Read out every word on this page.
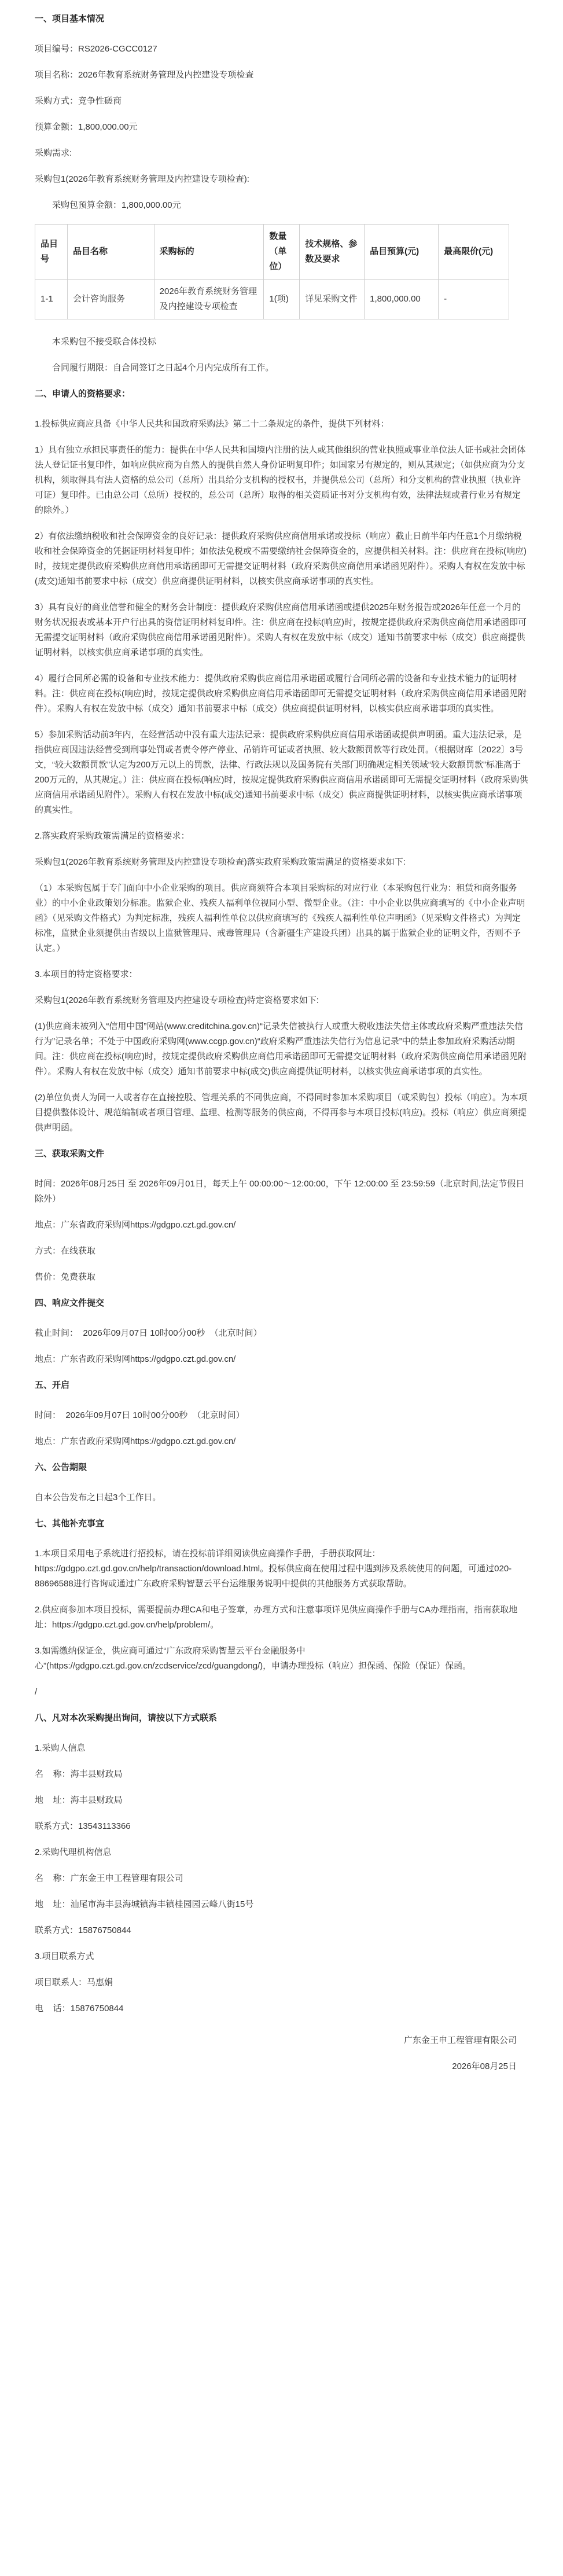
一、项目基本情况
项目编号：RS2026-CGCC0127
项目名称：2026年教育系统财务管理及内控建设专项检查
采购方式：竞争性磋商
预算金额：1,800,000.00元
采购需求:
采购包1(2026年教育系统财务管理及内控建设专项检查):
采购包预算金额：1,800,000.00元
品目号	品目名称	采购标的	数量（单位）	技术规格、参数及要求	品目预算(元)	最高限价(元)
1-1	会计咨询服务	2026年教育系统财务管理及内控建设专项检查	1(项)	详见采购文件	1,800,000.00	-
本采购包不接受联合体投标
合同履行期限：自合同签订之日起4个月内完成所有工作。
二、申请人的资格要求：
1.投标供应商应具备《中华人民共和国政府采购法》第二十二条规定的条件，提供下列材料：
1）具有独立承担民事责任的能力：提供在中华人民共和国境内注册的法人或其他组织的营业执照或事业单位法人证书或社会团体法人登记证书复印件，如响应供应商为自然人的提供自然人身份证明复印件；如国家另有规定的，则从其规定；（如供应商为分支机构，须取得具有法人资格的总公司（总所）出具给分支机构的授权书，并提供总公司（总所）和分支机构的营业执照（执业许可证）复印件。已由总公司（总所）授权的，总公司（总所）取得的相关资质证书对分支机构有效，法律法规或者行业另有规定的除外。）
2）有依法缴纳税收和社会保障资金的良好记录：提供政府采购供应商信用承诺或投标（响应）截止日前半年内任意1个月缴纳税收和社会保障资金的凭据证明材料复印件；如依法免税或不需要缴纳社会保障资金的，应提供相关材料。注：供应商在投标(响应)时，按规定提供政府采购供应商信用承诺函即可无需提交证明材料（政府采购供应商信用承诺函见附件）。采购人有权在发放中标(成交)通知书前要求中标（成交）供应商提供证明材料，以核实供应商承诺事项的真实性。
3）具有良好的商业信誉和健全的财务会计制度：提供政府采购供应商信用承诺函或提供2025年财务报告或2026年任意一个月的财务状况报表或基本开户行出具的资信证明材料复印件。注：供应商在投标(响应)时，按规定提供政府采购供应商信用承诺函即可无需提交证明材料（政府采购供应商信用承诺函见附件）。采购人有权在发放中标（成交）通知书前要求中标（成交）供应商提供证明材料，以核实供应商承诺事项的真实性。
4）履行合同所必需的设备和专业技术能力：提供政府采购供应商信用承诺函或履行合同所必需的设备和专业技术能力的证明材料。注：供应商在投标(响应)时，按规定提供政府采购供应商信用承诺函即可无需提交证明材料（政府采购供应商信用承诺函见附件）。采购人有权在发放中标（成交）通知书前要求中标（成交）供应商提供证明材料，以核实供应商承诺事项的真实性。
5）参加采购活动前3年内，在经营活动中没有重大违法记录：提供政府采购供应商信用承诺函或提供声明函。重大违法记录，是指供应商因违法经营受到刑事处罚或者责令停产停业、吊销许可证或者执照、较大数额罚款等行政处罚。（根据财库〔2022〕3号文，“较大数额罚款”认定为200万元以上的罚款，法律、行政法规以及国务院有关部门明确规定相关领域“较大数额罚款”标准高于200万元的，从其规定。）注：供应商在投标(响应)时，按规定提供政府采购供应商信用承诺函即可无需提交证明材料（政府采购供应商信用承诺函见附件）。采购人有权在发放中标(成交)通知书前要求中标（成交）供应商提供证明材料，以核实供应商承诺事项的真实性。
2.落实政府采购政策需满足的资格要求：
采购包1(2026年教育系统财务管理及内控建设专项检查)落实政府采购政策需满足的资格要求如下:
（1）本采购包属于专门面向中小企业采购的项目。供应商须符合本项目采购标的对应行业（本采购包行业为：租赁和商务服务业）的中小企业政策划分标准。监狱企业、残疾人福利单位视同小型、微型企业。（注：中小企业以供应商填写的《中小企业声明函》（见采购文件格式）为判定标准，残疾人福利性单位以供应商填写的《残疾人福利性单位声明函》（见采购文件格式）为判定标准，监狱企业须提供由省级以上监狱管理局、戒毒管理局（含新疆生产建设兵团）出具的属于监狱企业的证明文件，否则不予认定。）
3.本项目的特定资格要求：
采购包1(2026年教育系统财务管理及内控建设专项检查)特定资格要求如下:
(1)供应商未被列入“信用中国”网站(www.creditchina.gov.cn)“记录失信被执行人或重大税收违法失信主体或政府采购严重违法失信行为”记录名单；不处于中国政府采购网(www.ccgp.gov.cn)“政府采购严重违法失信行为信息记录”中的禁止参加政府采购活动期间。注：供应商在投标(响应)时，按规定提供政府采购供应商信用承诺函即可无需提交证明材料（政府采购供应商信用承诺函见附件）。采购人有权在发放中标（成交）通知书前要求中标(成交)供应商提供证明材料，以核实供应商承诺事项的真实性。
(2)单位负责人为同一人或者存在直接控股、管理关系的不同供应商，不得同时参加本采购项目（或采购包）投标（响应）。为本项目提供整体设计、规范编制或者项目管理、监理、检测等服务的供应商，不得再参与本项目投标(响应)。投标（响应）供应商须提供声明函。
三、获取采购文件
时间：2026年08月25日 至 2026年09月01日，每天上午 00:00:00～12:00:00，下午 12:00:00 至 23:59:59（北京时间,法定节假日除外）
地点：广东省政府采购网https://gdgpo.czt.gd.gov.cn/
方式：在线获取
售价：免费获取
四、响应文件提交
截止时间：  2026年09月07日 10时00分00秒  （北京时间）
地点：广东省政府采购网https://gdgpo.czt.gd.gov.cn/
五、开启
时间：  2026年09月07日 10时00分00秒  （北京时间）
地点：广东省政府采购网https://gdgpo.czt.gd.gov.cn/
六、公告期限
自本公告发布之日起3个工作日。
七、其他补充事宜
1.本项目采用电子系统进行招投标，请在投标前详细阅读供应商操作手册，手册获取网址：https://gdgpo.czt.gd.gov.cn/help/transaction/download.html。投标供应商在使用过程中遇到涉及系统使用的问题，可通过020-88696588进行咨询或通过广东政府采购智慧云平台运维服务说明中提供的其他服务方式获取帮助。
2.供应商参加本项目投标，需要提前办理CA和电子签章，办理方式和注意事项详见供应商操作手册与CA办理指南，指南获取地址：https://gdgpo.czt.gd.gov.cn/help/problem/。
3.如需缴纳保证金，供应商可通过“广东政府采购智慧云平台金融服务中心”(https://gdgpo.czt.gd.gov.cn/zcdservice/zcd/guangdong/)，申请办理投标（响应）担保函、保险（保证）保函。
/
八、凡对本次采购提出询问，请按以下方式联系
1.采购人信息
名    称：海丰县财政局
地    址：海丰县财政局
联系方式：13543113366
2.采购代理机构信息
名    称：广东金王申工程管理有限公司
地    址：汕尾市海丰县海城镇海丰镇桂园园云峰八街15号
联系方式：15876750844
3.项目联系方式
项目联系人：马惠娟
电    话：15876750844
广东金王申工程管理有限公司
2026年08月25日
